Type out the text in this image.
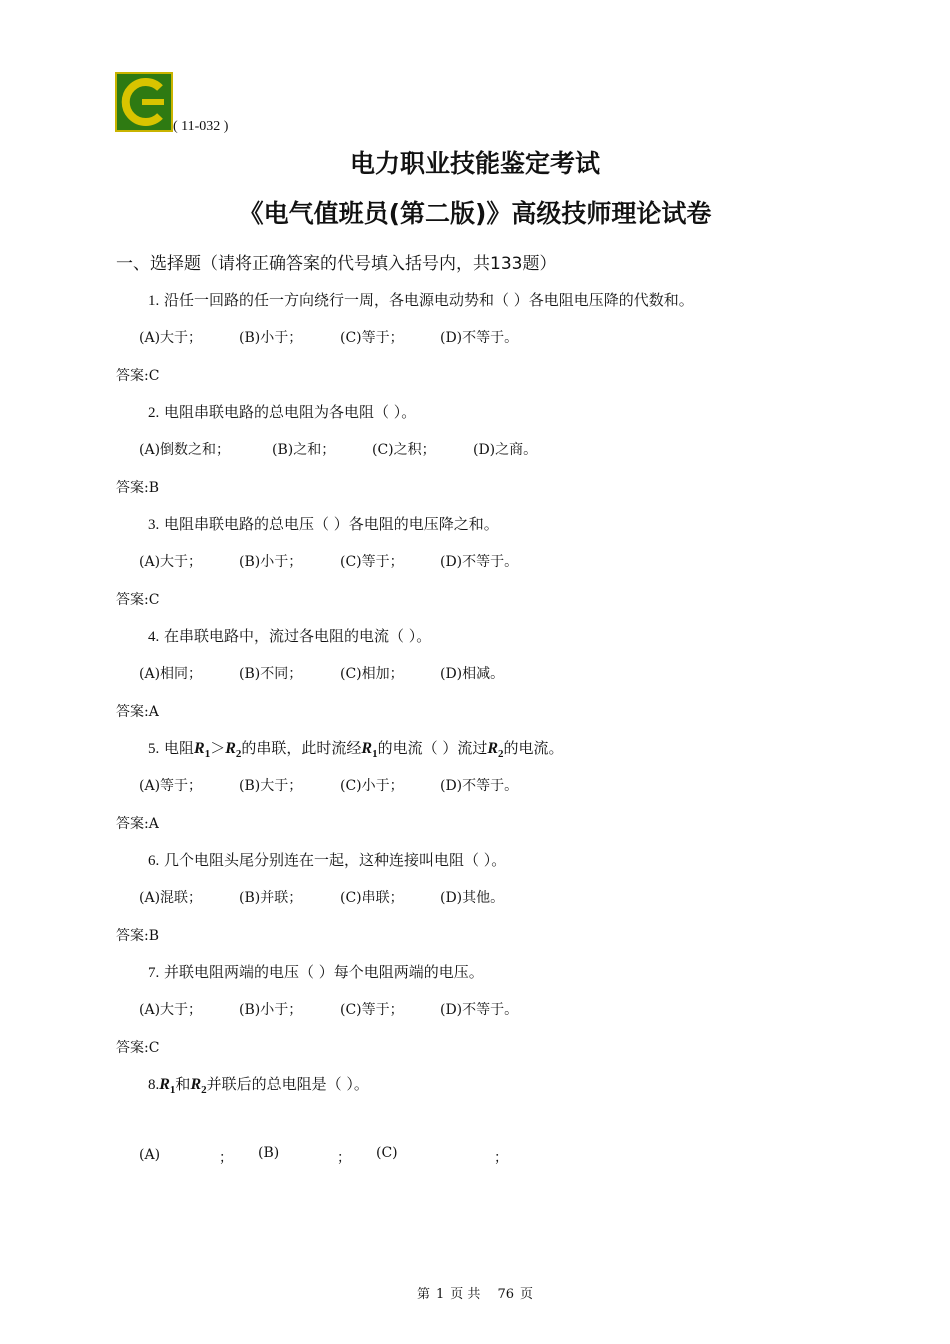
( 11-032 )
电力职业技能鉴定考试
《电气值班员(第二版)》高级技师理论试卷
一、选择题（请将正确答案的代号填入括号内，共133题）
1. 沿任一回路的任一方向绕行一周，各电源电动势和（ ）各电阻电压降的代数和。
(A)大于；	(B)小于；	(C)等于；	(D)不等于。
答案:C
2. 电阻串联电路的总电阻为各电阻（ ）。
(A)倒数之和；	(B)之和；	(C)之积；	(D)之商。
答案:B
3. 电阻串联电路的总电压（ ）各电阻的电压降之和。
(A)大于；	(B)小于；	(C)等于；	(D)不等于。
答案:C
4. 在串联电路中，流过各电阻的电流（ ）。
(A)相同；	(B)不同；	(C)相加；	(D)相减。
答案:A
5. 电阻$R_1>R_2$的串联，此时流经$R_1$的电流（ ）流过$R_2$的电流。
(A)等于；	(B)大于；	(C)小于；	(D)不等于。
答案:A
6. 几个电阻头尾分别连在一起，这种连接叫电阻（ ）。
(A)混联；	(B)并联；	(C)串联；	(D)其他。
答案:B
7. 并联电阻两端的电压（ ）每个电阻两端的电压。
(A)大于；	(B)小于；	(C)等于；	(D)不等于。
答案:C
$8.R_1$和$R_2$并联后的总电阻是（ ）。
(A)	； (B)	； (C)	；
第 1 页 共 76 页
